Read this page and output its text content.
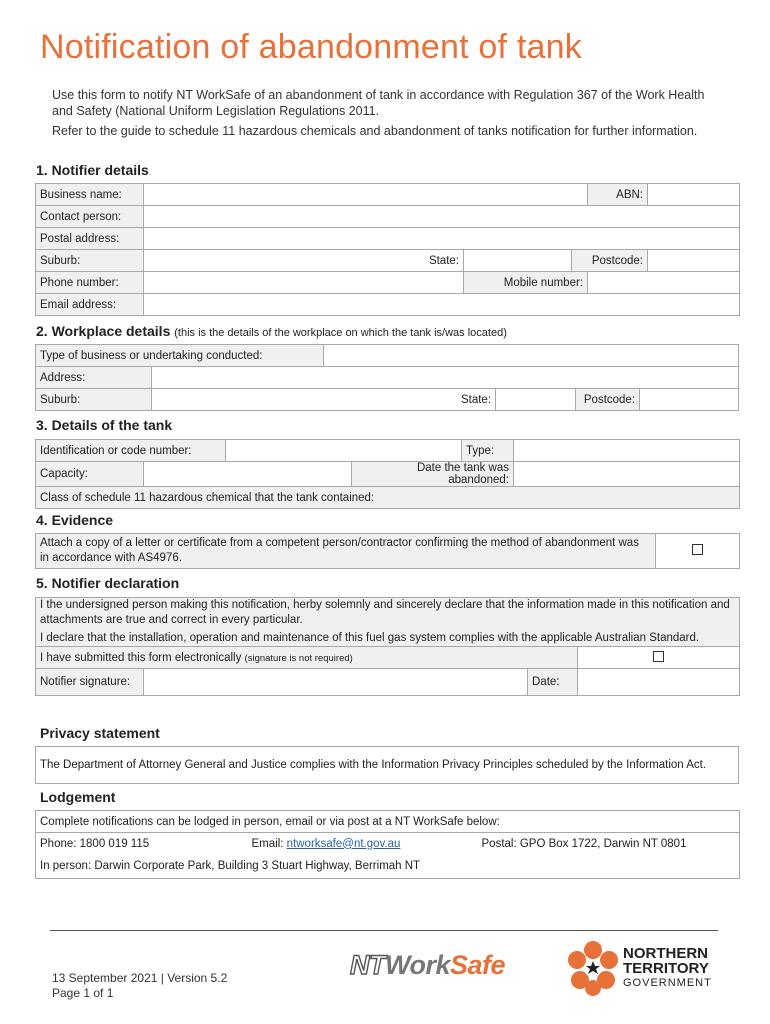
Notification of abandonment of tank

Use this form to notify NT WorkSafe of an abandonment of tank in accordance with Regulation 367 of the Work Health and Safety (National Uniform Legislation Regulations 2011.

Refer to the guide to schedule 11 hazardous chemicals and abandonment of tanks notification for further information.

1. Notifier details
Business name:				ABN:	
Contact person:					
Postal address:					
Suburb:	State:		Postcode:		
Phone number:		Mobile number:			
Email address:					
2. Workplace details (this is the details of the workplace on which the tank is/was located)
Type of business or undertaking conducted:					
Address:					
Suburb:	State:			Postcode:	
3. Details of the tank
Identification or code number:				Type:	
Capacity:			Date the tank was abandoned:		
Class of schedule 11 hazardous chemical that the tank contained:					
4. Evidence
Attach a copy of a letter or certificate from a competent person/contractor confirming the method of abandonment was in accordance with AS4976.	
5. Notifier declaration
I the undersigned person making this notification, herby solemnly and sincerely declare that the information made in this notification and attachments are true and correct in every particular.
I declare that the installation, operation and maintenance of this fuel gas system complies with the applicable Australian Standard.			

I have submitted this form electronically (signature is not required)			
Notifier signature:		Date:	
Privacy statement
The Department of Attorney General and Justice complies with the Information Privacy Principles scheduled by the Information Act.
Lodgement
Complete notifications can be lodged in person, email or via post at a NT WorkSafe below:
Phone: 1800 019 115	Email: ntworksafe@nt.gov.au	Postal: GPO Box 1722, Darwin NT 0801
In person: Darwin Corporate Park, Building 3 Stuart Highway, Berrimah NT
13 September 2021 | Version 5.2
Page 1 of 1
NTWorkSafe	NORTHERN
TERRITORY
GOVERNMENT
